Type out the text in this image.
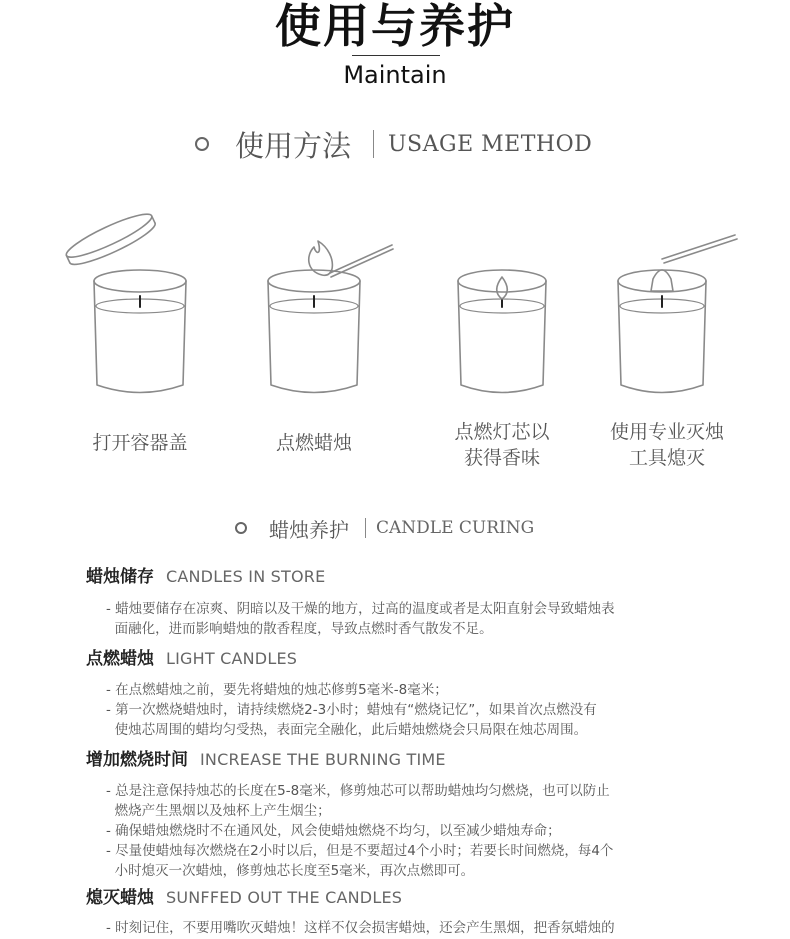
使用与养护
Maintain
使用方法 USAGE METHOD
打开容器盖	点燃蜡烛	点燃灯芯以
获得香味
使用专业灭烛
工具熄灭
蜡烛养护 CANDLE CURING
蜡烛储存 CANDLES IN STORE
- 蜡烛要储存在凉爽、阴暗以及干燥的地方，过高的温度或者是太阳直射会导致蜡烛表
面融化，进而影响蜡烛的散香程度，导致点燃时香气散发不足。
点燃蜡烛 LIGHT CANDLES
- 在点燃蜡烛之前，要先将蜡烛的烛芯修剪5毫米-8毫米；
- 第一次燃烧蜡烛时，请持续燃烧2-3小时；蜡烛有“燃烧记忆”，如果首次点燃没有
使烛芯周围的蜡均匀受热，表面完全融化，此后蜡烛燃烧会只局限在烛芯周围。
增加燃烧时间 INCREASE THE BURNING TIME
- 总是注意保持烛芯的长度在5-8毫米，修剪烛芯可以帮助蜡烛均匀燃烧，也可以防止
燃烧产生黑烟以及烛杯上产生烟尘；
- 确保蜡烛燃烧时不在通风处，风会使蜡烛燃烧不均匀，以至减少蜡烛寿命；
- 尽量使蜡烛每次燃烧在2小时以后，但是不要超过4个小时；若要长时间燃烧，每4个
小时熄灭一次蜡烛，修剪烛芯长度至5毫米，再次点燃即可。
熄灭蜡烛 SUNFFED OUT THE CANDLES
- 时刻记住，不要用嘴吹灭蜡烛！这样不仅会损害蜡烛，还会产生黑烟，把香氛蜡烛的
